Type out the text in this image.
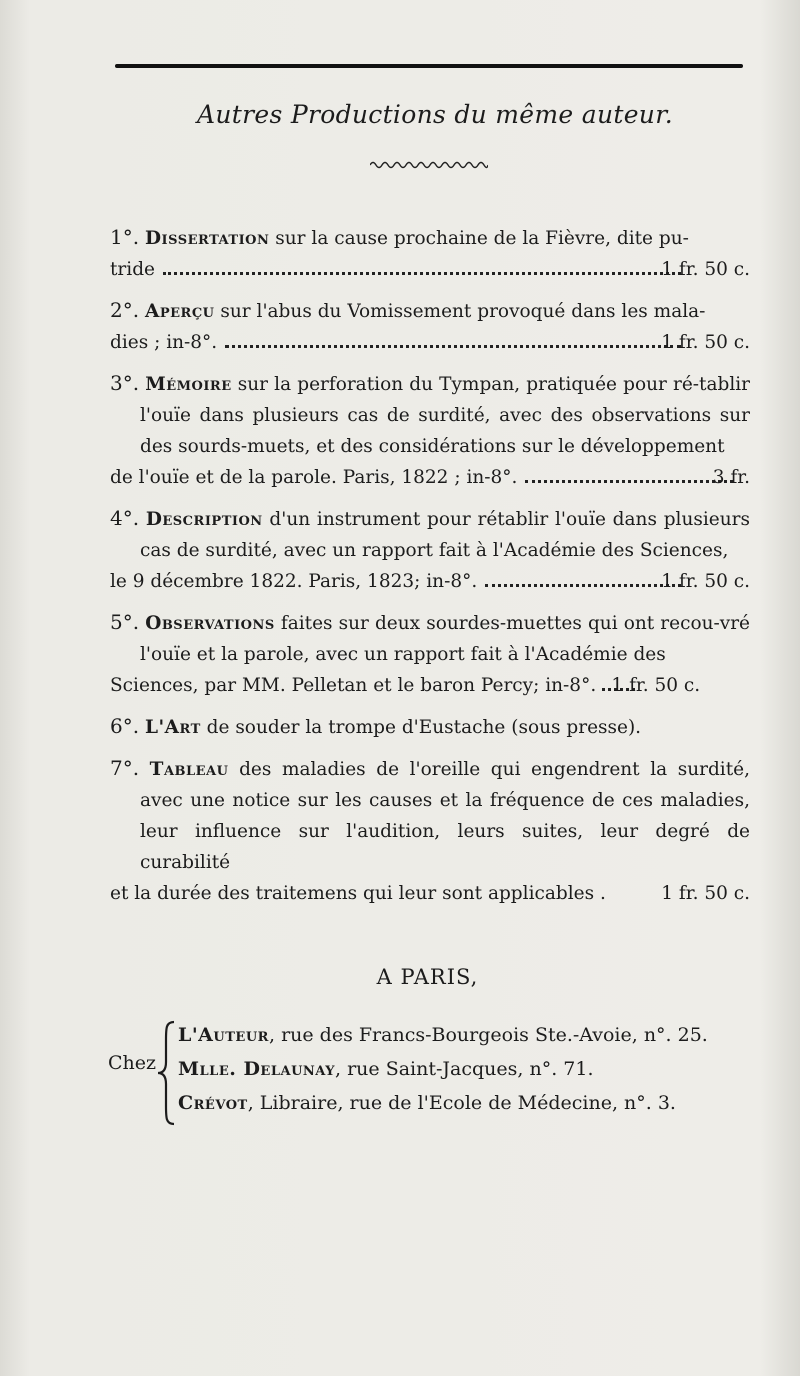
Autres Productions du même auteur.
1°. Dissertation sur la cause prochaine de la Fièvre, dite pu-
tride	1 fr. 50 c.
2°. Aperçu sur l'abus du Vomissement provoqué dans les mala-
dies ; in-8°.	1 fr. 50 c.
3°. Mémoire sur la perforation du Tympan, pratiquée pour ré-tablir l'ouïe dans plusieurs cas de surdité, avec des observations sur des sourds-muets, et des considérations sur le développement
de l'ouïe et de la parole. Paris, 1822 ; in-8°.	3 fr.
4°. Description d'un instrument pour rétablir l'ouïe dans plusieurs cas de surdité, avec un rapport fait à l'Académie des Sciences,
le 9 décembre 1822. Paris, 1823; in-8°.	1 fr. 50 c.
5°. Observations faites sur deux sourdes-muettes qui ont recou-vré l'ouïe et la parole, avec un rapport fait à l'Académie des
Sciences, par MM. Pelletan et le baron Percy; in-8°. 1 fr. 50 c.
6°. L'Art de souder la trompe d'Eustache (sous presse).
7°. Tableau des maladies de l'oreille qui engendrent la surdité, avec une notice sur les causes et la fréquence de ces maladies, leur influence sur l'audition, leurs suites, leur degré de curabilité
et la durée des traitemens qui leur sont applicables .	1 fr. 50 c.
A PARIS,
Chez
L'Auteur, rue des Francs-Bourgeois Ste.-Avoie, n°. 25.
Mlle. Delaunay, rue Saint-Jacques, n°. 71.
Crévot, Libraire, rue de l'Ecole de Médecine, n°. 3.
